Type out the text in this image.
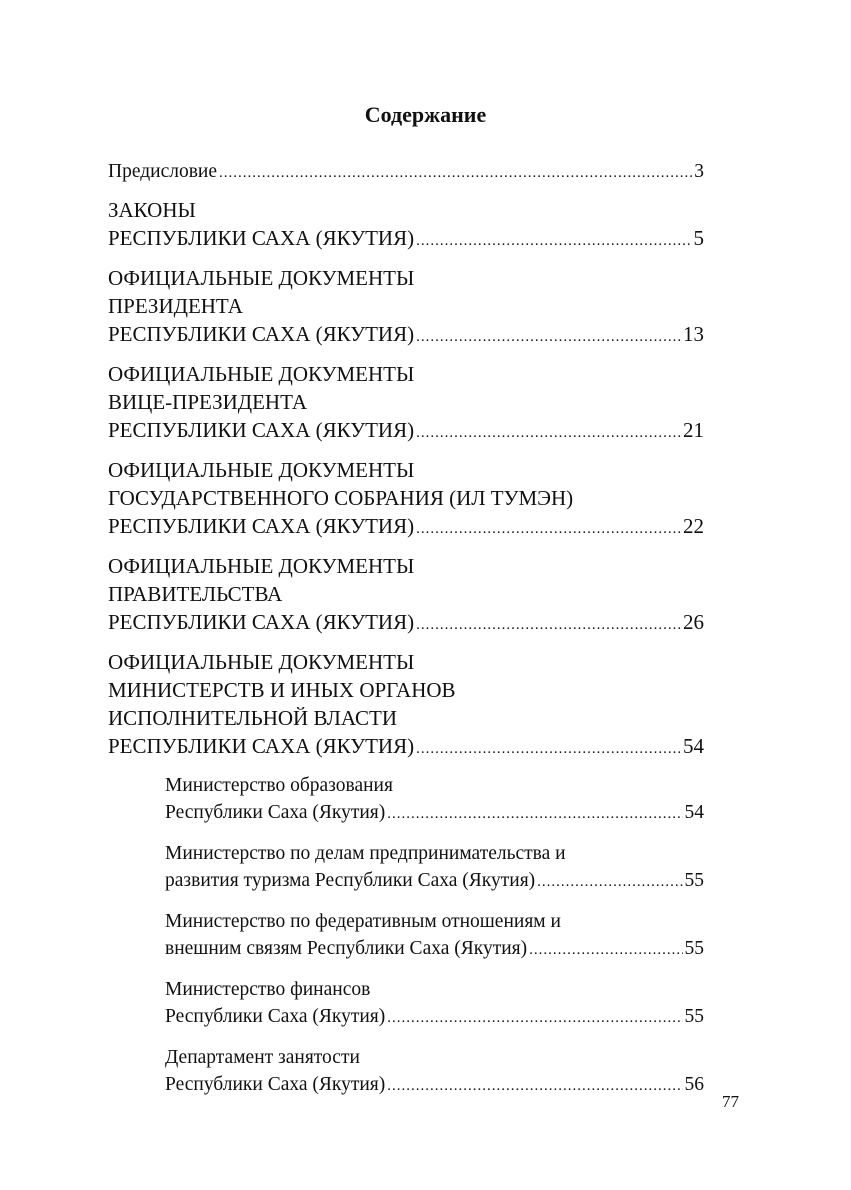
Содержание
Предисловие .....	3
ЗАКОНЫ
РЕСПУБЛИКИ САХА (ЯКУТИЯ) .....	5
ОФИЦИАЛЬНЫЕ ДОКУМЕНТЫ
ПРЕЗИДЕНТА
РЕСПУБЛИКИ САХА (ЯКУТИЯ) .....	13
ОФИЦИАЛЬНЫЕ ДОКУМЕНТЫ
ВИЦЕ-ПРЕЗИДЕНТА
РЕСПУБЛИКИ САХА (ЯКУТИЯ) .....	21
ОФИЦИАЛЬНЫЕ ДОКУМЕНТЫ
ГОСУДАРСТВЕННОГО СОБРАНИЯ (ИЛ ТУМЭН)
РЕСПУБЛИКИ САХА (ЯКУТИЯ) .....	22
ОФИЦИАЛЬНЫЕ ДОКУМЕНТЫ
ПРАВИТЕЛЬСТВА
РЕСПУБЛИКИ САХА (ЯКУТИЯ) .....	26
ОФИЦИАЛЬНЫЕ ДОКУМЕНТЫ
МИНИСТЕРСТВ И ИНЫХ ОРГАНОВ
ИСПОЛНИТЕЛЬНОЙ ВЛАСТИ
РЕСПУБЛИКИ САХА (ЯКУТИЯ) .....	54
Министерство образования
Республики Саха (Якутия) .....	54
Министерство по делам предпринимательства и
развития туризма Республики Саха (Якутия) .....	55
Министерство по федеративным отношениям и
внешним связям Республики Саха (Якутия) .....	55
Министерство финансов
Республики Саха (Якутия) .....	55
Департамент занятости
Республики Саха (Якутия) .....	56
77
